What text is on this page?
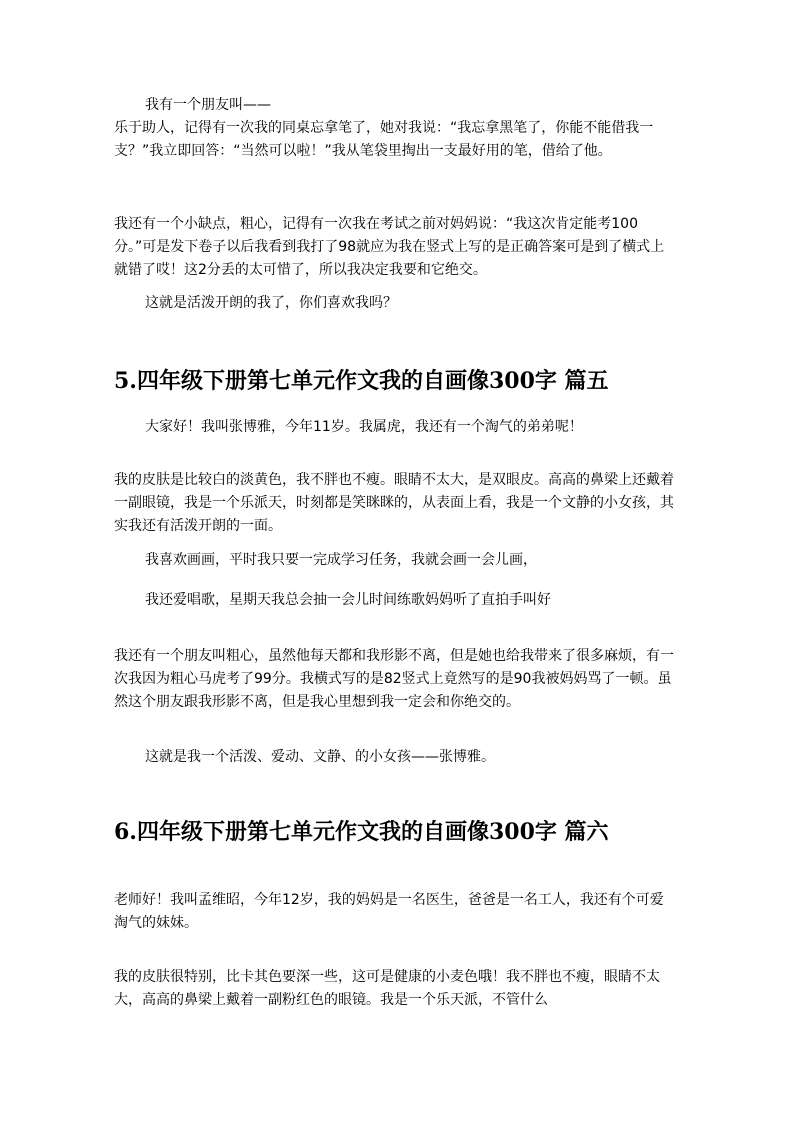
我有一个朋友叫——

乐于助人，记得有一次我的同桌忘拿笔了，她对我说：“我忘拿黑笔了，你能不能借我一支？”我立即回答：“当然可以啦！”我从笔袋里掏出一支最好用的笔，借给了他。

我还有一个小缺点，粗心，记得有一次我在考试之前对妈妈说：“我这次肯定能考100分。”可是发下卷子以后我看到我打了98就应为我在竖式上写的是正确答案可是到了横式上就错了哎！这2分丢的太可惜了，所以我决定我要和它绝交。

这就是活泼开朗的我了，你们喜欢我吗？

5.四年级下册第七单元作文我的自画像300字 篇五

大家好！我叫张博雅，今年11岁。我属虎，我还有一个淘气的弟弟呢！

我的皮肤是比较白的淡黄色，我不胖也不瘦。眼睛不太大，是双眼皮。高高的鼻梁上还戴着一副眼镜，我是一个乐派天，时刻都是笑眯眯的，从表面上看，我是一个文静的小女孩，其实我还有活泼开朗的一面。

我喜欢画画，平时我只要一完成学习任务，我就会画一会儿画，

我还爱唱歌，星期天我总会抽一会儿时间练歌妈妈听了直拍手叫好

我还有一个朋友叫粗心，虽然他每天都和我形影不离，但是她也给我带来了很多麻烦，有一次我因为粗心马虎考了99分。我横式写的是82竖式上竟然写的是90我被妈妈骂了一顿。虽然这个朋友跟我形影不离，但是我心里想到我一定会和你绝交的。

这就是我一个活泼、爱动、文静、的小女孩——张博雅。

6.四年级下册第七单元作文我的自画像300字 篇六

老师好！我叫孟维昭，今年12岁，我的妈妈是一名医生，爸爸是一名工人，我还有个可爱淘气的妹妹。

我的皮肤很特别，比卡其色要深一些，这可是健康的小麦色哦！我不胖也不瘦，眼睛不太大，高高的鼻梁上戴着一副粉红色的眼镜。我是一个乐天派，不管什么
